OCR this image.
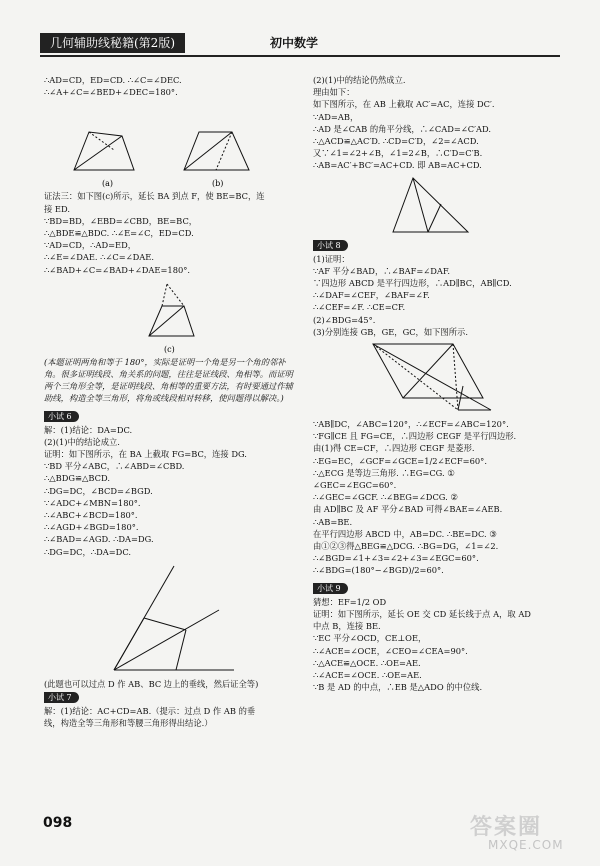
几何辅助线秘籍(第2版)	初中数学

∴AD=CD，ED=CD. ∴∠C=∠DEC.

∴∠A+∠C=∠BED+∠DEC=180°.

(a)	(b)

证法三：如下图(c)所示，延长 BA 到点 F，使 BE=BC，连

接 ED.

∵BD=BD，∠EBD=∠CBD，BE=BC，

∴△BDE≌△BDC. ∴∠E=∠C，ED=CD.

∵AD=CD，∴AD=ED，

∴∠E=∠DAE. ∴∠C=∠DAE.

∴∠BAD+∠C=∠BAD+∠DAE=180°.

(c)

(本题证明两角和等于 180°，实际是证明一个角是另一个角的邻补角。很多证明线段、角关系的问题，往往是证线段、角相等。而证明两个三角形全等，是证明线段、角相等的重要方法，有时要通过作辅助线，构造全等三角形，将角或线段相对转移，使问题得以解决。)

小试 6

解：(1)结论：DA=DC.

(2)(1)中的结论成立.

证明：如下图所示，在 BA 上截取 FG=BC，连接 DG.

∵BD 平分∠ABC，∴∠ABD=∠CBD.

∴△BDG≌△BCD.

∴DG=DC，∠BCD=∠BGD.

∵∠ADC+∠MBN=180°.

∴∠ABC+∠BCD=180°.

∴∠AGD+∠BGD=180°.

∴∠BAD=∠AGD. ∴DA=DG.

∴DG=DC，∴DA=DC.

(此题也可以过点 D 作 AB、BC 边上的垂线，然后证全等)

小试 7

解：(1)结论：AC+CD=AB.（提示：过点 D 作 AB 的垂

线，构造全等三角形和等腰三角形得出结论.）

(2)(1)中的结论仍然成立.

理由如下：

如下图所示，在 AB 上截取 AC′=AC，连接 DC′.

∵AD=AB，

∴AD 是∠CAB 的角平分线，∴∠CAD=∠C′AD.

∴△ACD≌△AC′D. ∴CD=C′D，∠2=∠ACD.

又∵∠1=∠2+∠B，∠1=2∠B，∴C′D=C′B.

∴AB=AC′+BC′=AC+CD. 即 AB=AC+CD.

小试 8

(1)证明：

∵AF 平分∠BAD，∴∠BAF=∠DAF.

∵四边形 ABCD 是平行四边形，∴AD∥BC，AB∥CD.

∴∠DAF=∠CEF，∠BAF=∠F.

∴∠CEF=∠F. ∴CE=CF.

(2)∠BDG=45°.

(3)分别连接 GB，GE，GC，如下图所示.

∵AB∥DC，∠ABC=120°，∴∠ECF=∠ABC=120°.

∵FG∥CE 且 FG=CE，∴四边形 CEGF 是平行四边形.

由(1)得 CE=CF，∴四边形 CEGF 是菱形.

∴EG=EC，∠GCF=∠GCE=1/2∠ECF=60°.

∴△ECG 是等边三角形. ∴EG=CG. ①

∠GEC=∠EGC=60°.

∴∠GEC=∠GCF. ∴∠BEG=∠DCG. ②

由 AD∥BC 及 AF 平分∠BAD 可得∠BAE=∠AEB.

∴AB=BE.

在平行四边形 ABCD 中，AB=DC. ∴BE=DC. ③

由①②③得△BEG≌△DCG. ∴BG=DG，∠1=∠2.

∴∠BGD=∠1+∠3=∠2+∠3=∠EGC=60°.

∴∠BDG=(180°−∠BGD)/2=60°.

小试 9

猜想：EF=1/2 OD

证明：如下图所示，延长 OE 交 CD 延长线于点 A，取 AD

中点 B，连接 BE.

∵EC 平分∠OCD，CE⊥OE，

∴∠ACE=∠OCE，∠CEO=∠CEA=90°.

∴△ACE≌△OCE. ∴OE=AE.

∴∠ACE=∠OCE. ∴OE=AE.

∵B 是 AD 的中点，∴EB 是△ADO 的中位线.

098	答案圈
MXQE.COM
